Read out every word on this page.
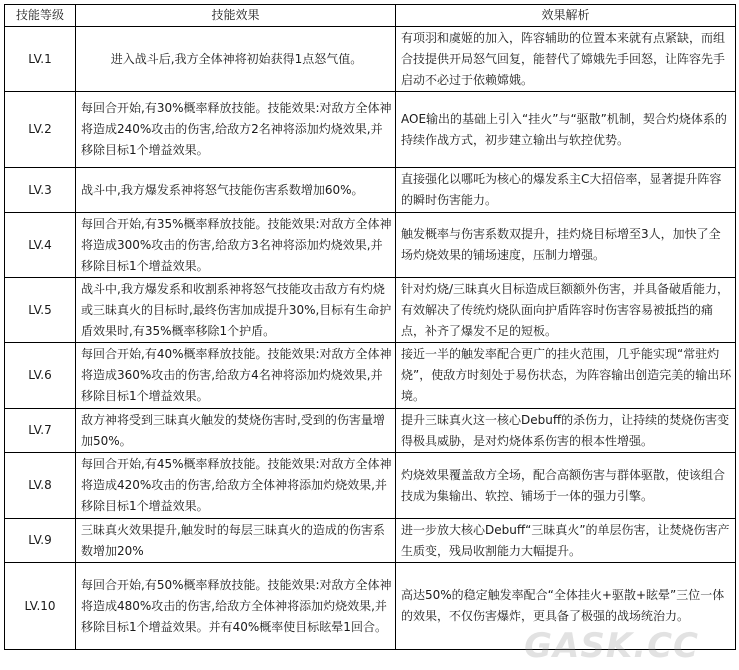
技能等级	技能效果	效果解析
LV.1	进入战斗后,我方全体神将初始获得1点怒气值。	有项羽和虞姬的加入，阵容辅助的位置本来就有点紧缺，而组合技提供开局怒气回复，能替代了嫦娥先手回怒，让阵容先手启动不必过于依赖嫦娥。
LV.2	每回合开始,有30%概率释放技能。技能效果:对敌方全体神将造成240%攻击的伤害,给敌方2名神将添加灼烧效果,并移除目标1个增益效果。	AOE输出的基础上引入“挂火”与“驱散”机制，契合灼烧体系的持续作战方式，初步建立输出与软控优势。
LV.3	战斗中,我方爆发系神将怒气技能伤害系数增加60%。	直接强化以哪吒为核心的爆发系主C大招倍率，显著提升阵容的瞬时伤害能力。
LV.4	每回合开始,有35%概率释放技能。技能效果:对敌方全体神将造成300%攻击的伤害,给敌方3名神将添加灼烧效果,并移除目标1个增益效果。	触发概率与伤害系数双提升，挂灼烧目标增至3人，加快了全场灼烧效果的铺场速度，压制力增强。
LV.5	战斗中,我方爆发系和收割系神将怒气技能攻击敌方有灼烧或三昧真火的目标时,最终伤害加成提升30%,目标有生命护盾效果时,有35%概率移除1个护盾。	针对灼烧/三昧真火目标造成巨额额外伤害，并具备破盾能力，有效解决了传统灼烧队面向护盾阵容时伤害容易被抵挡的痛点，补齐了爆发不足的短板。
LV.6	每回合开始,有40%概率释放技能。技能效果:对敌方全体神将造成360%攻击的伤害,给敌方4名神将添加灼烧效果,并移除目标1个增益效果。	接近一半的触发率配合更广的挂火范围，几乎能实现“常驻灼烧”，使敌方时刻处于易伤状态，为阵容输出创造完美的输出环境。
LV.7	敌方神将受到三昧真火触发的焚烧伤害时,受到的伤害量增加50%。	提升三昧真火这一核心Debuff的杀伤力，让持续的焚烧伤害变得极具威胁，是对灼烧体系伤害的根本性增强。
LV.8	每回合开始,有45%概率释放技能。技能效果:对敌方全体神将造成420%攻击的伤害,给敌方全体神将添加灼烧效果,并移除目标1个增益效果。	灼烧效果覆盖敌方全场，配合高额伤害与群体驱散，使该组合技成为集输出、软控、铺场于一体的强力引擎。
LV.9	三昧真火效果提升,触发时的每层三昧真火的造成的伤害系数增加20%	进一步放大核心Debuff“三昧真火”的单层伤害，让焚烧伤害产生质变，残局收割能力大幅提升。
LV.10	每回合开始,有50%概率释放技能。技能效果:对敌方全体神将造成480%攻击的伤害,给敌方全体神将添加灼烧效果,并移除目标1个增益效果。并有40%概率使目标眩晕1回合。	高达50%的稳定触发率配合“全体挂火+驱散+眩晕”三位一体的效果，不仅伤害爆炸，更具备了极强的战场统治力。
GASK.CC
